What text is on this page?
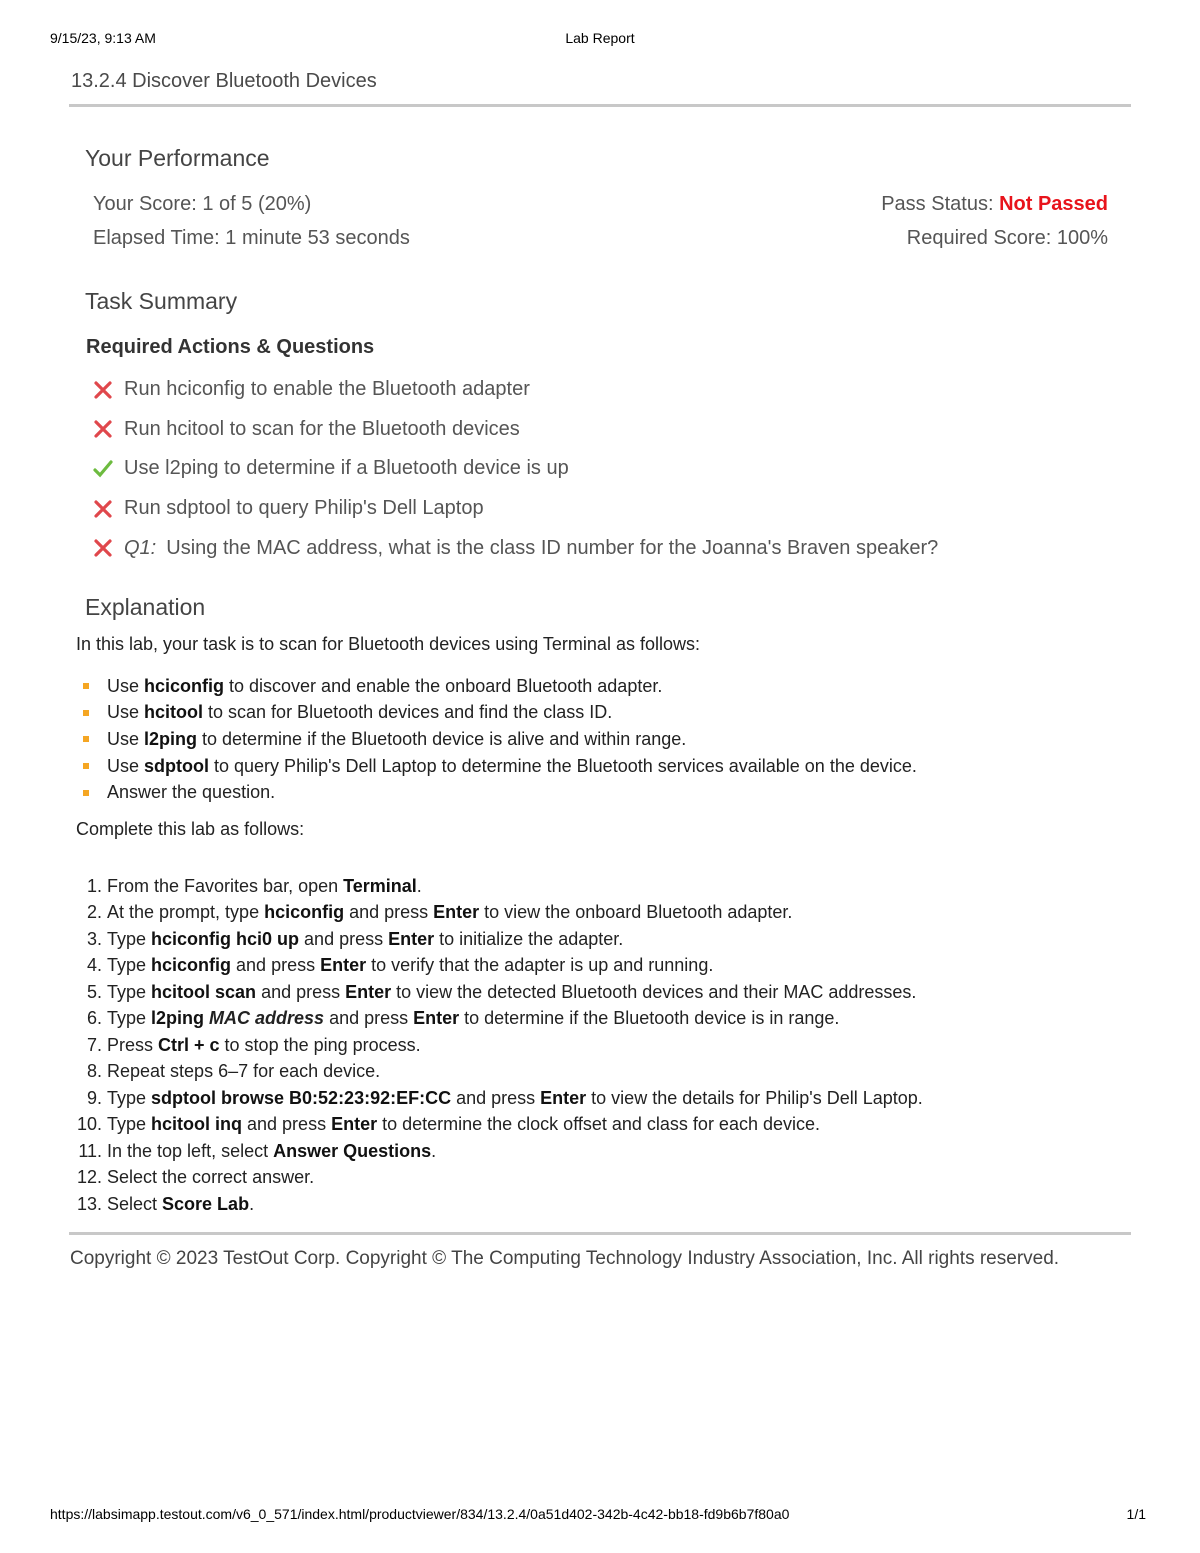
9/15/23, 9:13 AM	Lab Report
13.2.4 Discover Bluetooth Devices
Your Performance
Your Score: 1 of 5 (20%)
Elapsed Time: 1 minute 53 seconds
Pass Status: Not Passed
Required Score: 100%
Task Summary
Required Actions & Questions
Run hciconfig to enable the Bluetooth adapter
Run hcitool to scan for the Bluetooth devices
Use l2ping to determine if a Bluetooth device is up
Run sdptool to query Philip's Dell Laptop
Q1: Using the MAC address, what is the class ID number for the Joanna's Braven speaker?
Explanation
In this lab, your task is to scan for Bluetooth devices using Terminal as follows:
Use hciconfig to discover and enable the onboard Bluetooth adapter.
Use hcitool to scan for Bluetooth devices and find the class ID.
Use l2ping to determine if the Bluetooth device is alive and within range.
Use sdptool to query Philip's Dell Laptop to determine the Bluetooth services available on the device.
Answer the question.
Complete this lab as follows:
1. From the Favorites bar, open Terminal.
2. At the prompt, type hciconfig and press Enter to view the onboard Bluetooth adapter.
3. Type hciconfig hci0 up and press Enter to initialize the adapter.
4. Type hciconfig and press Enter to verify that the adapter is up and running.
5. Type hcitool scan and press Enter to view the detected Bluetooth devices and their MAC addresses.
6. Type l2ping MAC address and press Enter to determine if the Bluetooth device is in range.
7. Press Ctrl + c to stop the ping process.
8. Repeat steps 6–7 for each device.
9. Type sdptool browse B0:52:23:92:EF:CC and press Enter to view the details for Philip's Dell Laptop.
10. Type hcitool inq and press Enter to determine the clock offset and class for each device.
11. In the top left, select Answer Questions.
12. Select the correct answer.
13. Select Score Lab.
Copyright © 2023 TestOut Corp. Copyright © The Computing Technology Industry Association, Inc. All rights reserved.
https://labsimapp.testout.com/v6_0_571/index.html/productviewer/834/13.2.4/0a51d402-342b-4c42-bb18-fd9b6b7f80a0	1/1
